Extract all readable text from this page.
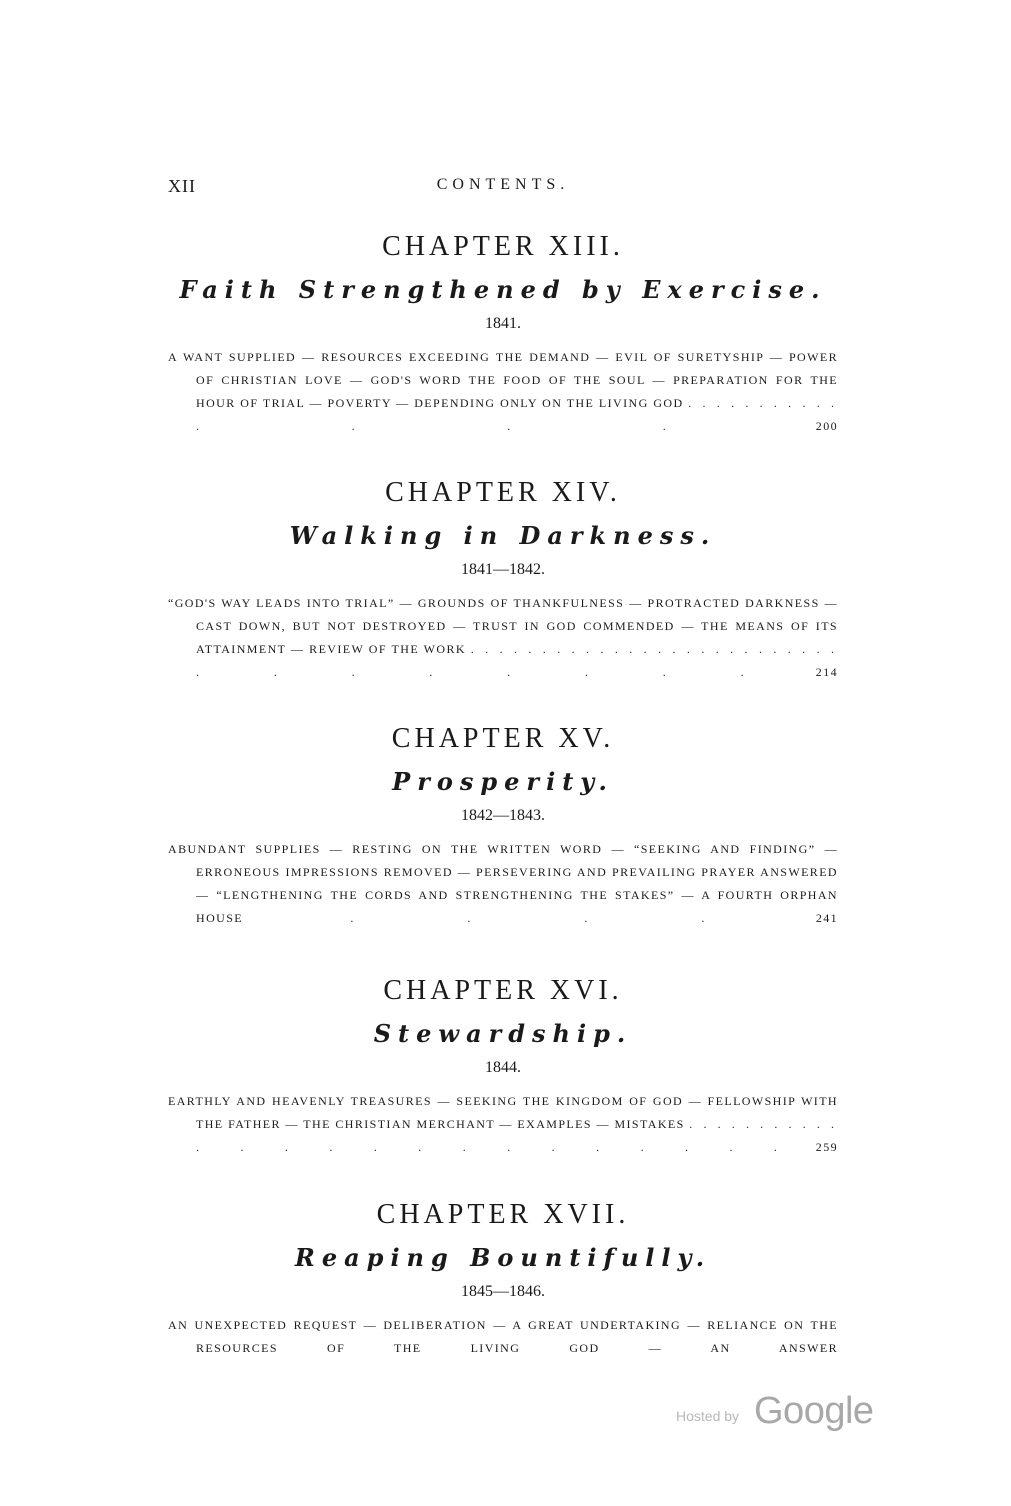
XII	CONTENTS.
CHAPTER XIII.
Faith Strengthened by Exercise.
1841.
A WANT SUPPLIED — RESOURCES EXCEEDING THE DEMAND — EVIL OF SURETYSHIP — POWER OF CHRISTIAN LOVE — GOD'S WORD THE FOOD OF THE SOUL — PREPARATION FOR THE HOUR OF TRIAL — POVERTY — DEPENDING ONLY ON THE LIVING GOD . . . . . . . . . . . . . . .	200
CHAPTER XIV.
Walking in Darkness.
1841—1842.
“GOD'S WAY LEADS INTO TRIAL” — GROUNDS OF THANKFULNESS — PROTRACTED DARKNESS — CAST DOWN, BUT NOT DESTROYED — TRUST IN GOD COMMENDED — THE MEANS OF ITS ATTAINMENT — REVIEW OF THE WORK . . . . . . . . . . . . . . . . . . . . . . . . . . . . . . . . . .	214
CHAPTER XV.
Prosperity.
1842—1843.
ABUNDANT SUPPLIES — RESTING ON THE WRITTEN WORD — “SEEKING AND FINDING” — ERRONEOUS IMPRESSIONS REMOVED — PERSEVERING AND PREVAILING PRAYER ANSWERED — “LENGTHENING THE CORDS AND STRENGTHENING THE STAKES” — A FOURTH ORPHAN HOUSE	. . . .	241
CHAPTER XVI.
Stewardship.
1844.
EARTHLY AND HEAVENLY TREASURES — SEEKING THE KINGDOM OF GOD — FELLOWSHIP WITH THE FATHER — THE CHRISTIAN MERCHANT — EXAMPLES — MISTAKES . . . . . . . . . . . . . . . . . . . . . . . . .	259
CHAPTER XVII.
Reaping Bountifully.
1845—1846.
AN UNEXPECTED REQUEST — DELIBERATION — A GREAT UNDERTAKING — RELIANCE ON THE RESOURCES OF THE LIVING GOD — AN ANSWER
Hosted by Google
